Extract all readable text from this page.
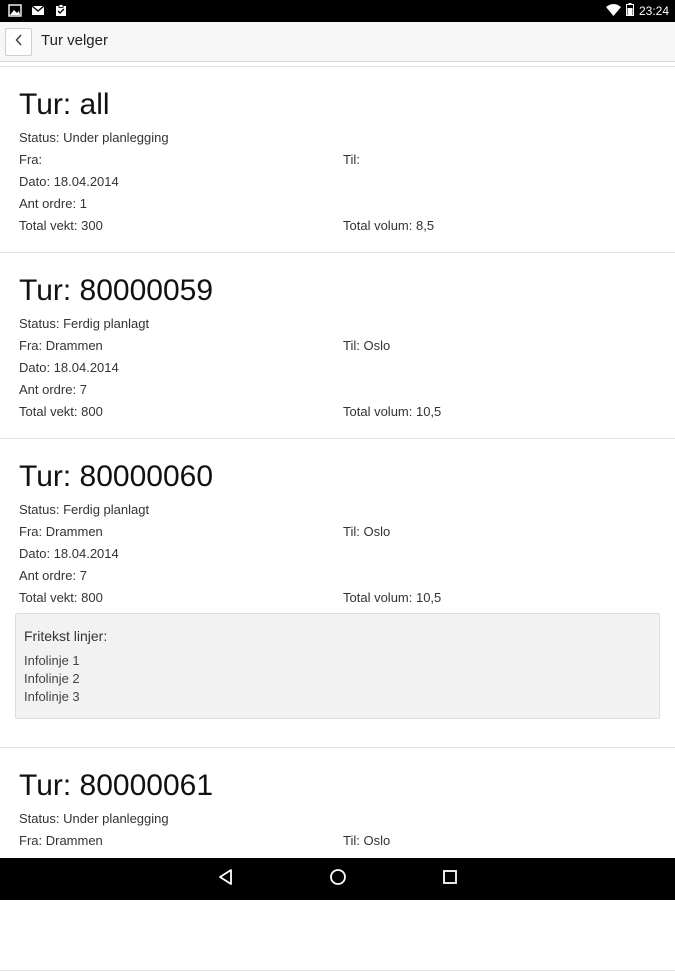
23:24
Tur velger
Tur: all
Status: Under planlegging
Fra:	Til:
Dato: 18.04.2014
Ant ordre: 1
Total vekt: 300	Total volum: 8,5
Tur: 80000059
Status: Ferdig planlagt
Fra: Drammen	Til: Oslo
Dato: 18.04.2014
Ant ordre: 7
Total vekt: 800	Total volum: 10,5
Tur: 80000060
Status: Ferdig planlagt
Fra: Drammen	Til: Oslo
Dato: 18.04.2014
Ant ordre: 7
Total vekt: 800	Total volum: 10,5
Fritekst linjer:
Infolinje 1
Infolinje 2
Infolinje 3
Tur: 80000061
Status: Under planlegging
Fra: Drammen	Til: Oslo
